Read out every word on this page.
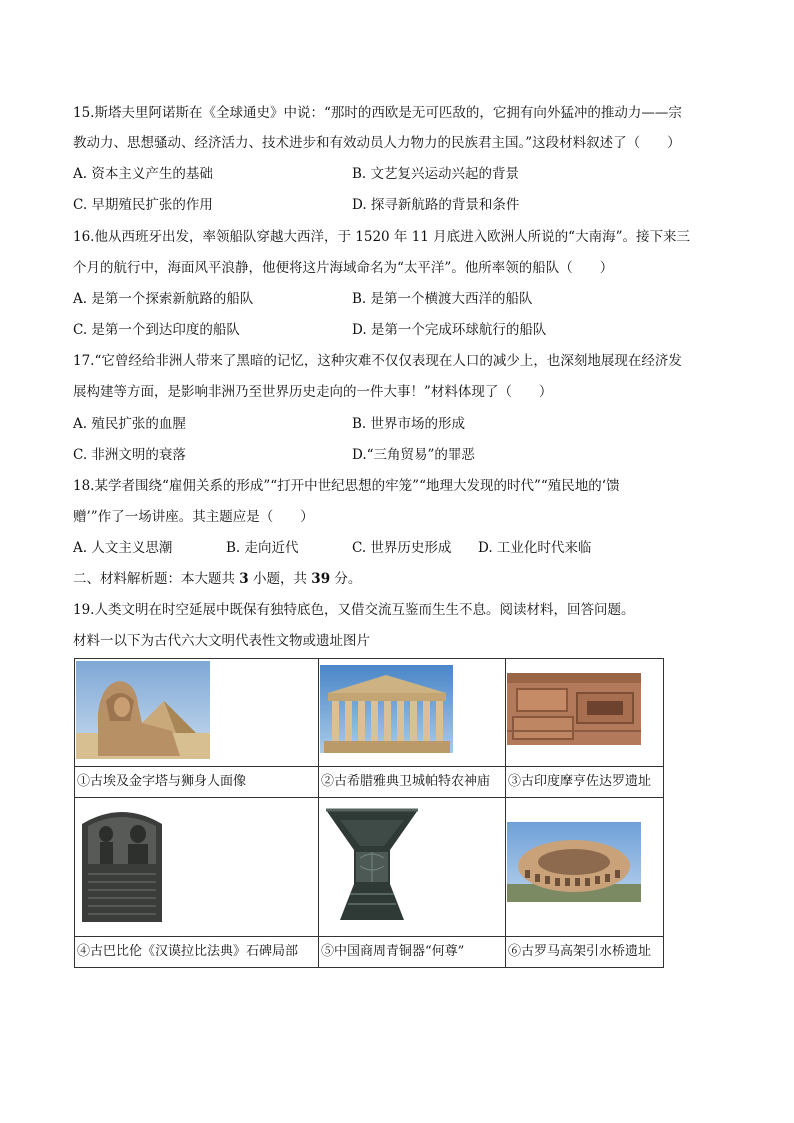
15.斯塔夫里阿诺斯在《全球通史》中说：“那时的西欧是无可匹敌的，它拥有向外猛冲的推动力——宗
教动力、思想骚动、经济活力、技术进步和有效动员人力物力的民族君主国。”这段材料叙述了（　　）
A. 资本主义产生的基础	B. 文艺复兴运动兴起的背景
C. 早期殖民扩张的作用	D. 探寻新航路的背景和条件
16.他从西班牙出发，率领船队穿越大西洋，于 1520 年 11 月底进入欧洲人所说的“大南海”。接下来三
个月的航行中，海面风平浪静，他便将这片海域命名为“太平洋”。他所率领的船队（　　）
A. 是第一个探索新航路的船队	B. 是第一个横渡大西洋的船队
C. 是第一个到达印度的船队	D. 是第一个完成环球航行的船队
17.“它曾经给非洲人带来了黑暗的记忆，这种灾难不仅仅表现在人口的减少上，也深刻地展现在经济发
展构建等方面，是影响非洲乃至世界历史走向的一件大事！”材料体现了（　　）
A. 殖民扩张的血腥	B. 世界市场的形成
C. 非洲文明的衰落	D.“三角贸易”的罪恶
18.某学者围绕“雇佣关系的形成”“打开中世纪思想的牢笼”“地理大发现的时代”“殖民地的‘馈
赠’”作了一场讲座。其主题应是（　　）
A. 人文主义思潮	B. 走向近代	C. 世界历史形成 D. 工业化时代来临
二、材料解析题：本大题共 3 小题，共 39 分。
19.人类文明在时空延展中既保有独特底色，又借交流互鉴而生生不息。阅读材料，回答问题。
材料一以下为古代六大文明代表性文物或遗址图片

①古埃及金字塔与狮身人面像	②古希腊雅典卫城帕特农神庙	③古印度摩亨佐达罗遗址

④古巴比伦《汉谟拉比法典》石碑局部	⑤中国商周青铜器“何尊”	⑥古罗马高架引水桥遗址
